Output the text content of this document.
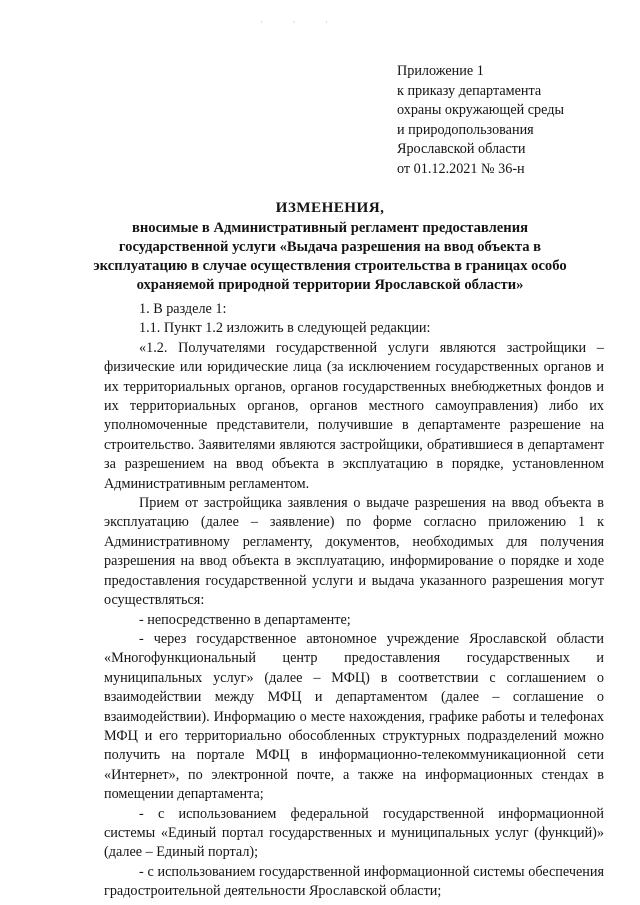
·   ·   ·
Приложение 1
к приказу департамента
охраны окружающей среды
и природопользования
Ярославской области
от 01.12.2021 № 36-н
ИЗМЕНЕНИЯ,
вносимые в Административный регламент предоставления государственной услуги «Выдача разрешения на ввод объекта в эксплуатацию в случае осуществления строительства в границах особо охраняемой природной территории Ярославской области»

1. В разделе 1:

1.1. Пункт 1.2 изложить в следующей редакции:

«1.2. Получателями государственной услуги являются застройщики – физические или юридические лица (за исключением государственных органов и их территориальных органов, органов государственных внебюджетных фондов и их территориальных органов, органов местного самоуправления) либо их уполномоченные представители, получившие в департаменте разрешение на строительство. Заявителями являются застройщики, обратившиеся в департамент за разрешением на ввод объекта в эксплуатацию в порядке, установленном Административным регламентом.

Прием от застройщика заявления о выдаче разрешения на ввод объекта в эксплуатацию (далее – заявление) по форме согласно приложению 1 к Административному регламенту, документов, необходимых для получения разрешения на ввод объекта в эксплуатацию, информирование о порядке и ходе предоставления государственной услуги и выдача указанного разрешения могут осуществляться:

- непосредственно в департаменте;

- через государственное автономное учреждение Ярославской области «Многофункциональный центр предоставления государственных и муниципальных услуг» (далее – МФЦ) в соответствии с соглашением о взаимодействии между МФЦ и департаментом (далее – соглашение о взаимодействии). Информацию о месте нахождения, графике работы и телефонах МФЦ и его территориально обособленных структурных подразделений можно получить на портале МФЦ в информационно-телекоммуникационной сети «Интернет», по электронной почте, а также на информационных стендах в помещении департамента;

- с использованием федеральной государственной информационной системы «Единый портал государственных и муниципальных услуг (функций)» (далее – Единый портал);

- с использованием государственной информационной системы обеспечения градостроительной деятельности Ярославской области;
